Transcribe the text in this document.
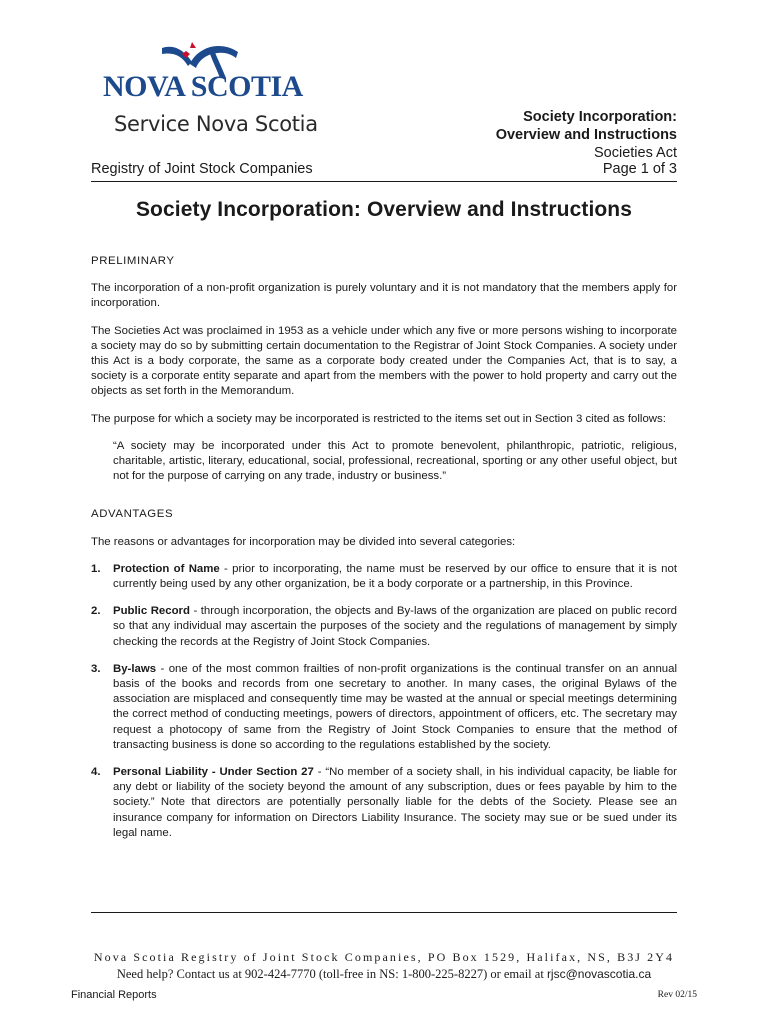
NOVA SCOTIA
Service Nova Scotia	Society Incorporation:
Overview and Instructions
Societies Act
Registry of Joint Stock Companies	Page 1 of 3
Society Incorporation: Overview and Instructions
PRELIMINARY

The incorporation of a non-profit organization is purely voluntary and it is not mandatory that the members apply for incorporation.

The Societies Act was proclaimed in 1953 as a vehicle under which any five or more persons wishing to incorporate a society may do so by submitting certain documentation to the Registrar of Joint Stock Companies. A society under this Act is a body corporate, the same as a corporate body created under the Companies Act, that is to say, a society is a corporate entity separate and apart from the members with the power to hold property and carry out the objects as set forth in the Memorandum.

The purpose for which a society may be incorporated is restricted to the items set out in Section 3 cited as follows:

“A society may be incorporated under this Act to promote benevolent, philanthropic, patriotic, religious, charitable, artistic, literary, educational, social, professional, recreational, sporting or any other useful object, but not for the purpose of carrying on any trade, industry or business.”
ADVANTAGES

The reasons or advantages for incorporation may be divided into several categories:

1. Protection of Name - prior to incorporating, the name must be reserved by our office to ensure that it is not currently being used by any other organization, be it a body corporate or a partnership, in this Province.
2. Public Record - through incorporation, the objects and By-laws of the organization are placed on public record so that any individual may ascertain the purposes of the society and the regulations of management by simply checking the records at the Registry of Joint Stock Companies.
3. By-laws - one of the most common frailties of non-profit organizations is the continual transfer on an annual basis of the books and records from one secretary to another. In many cases, the original Bylaws of the association are misplaced and consequently time may be wasted at the annual or special meetings determining the correct method of conducting meetings, powers of directors, appointment of officers, etc. The secretary may request a photocopy of same from the Registry of Joint Stock Companies to ensure that the method of transacting business is done so according to the regulations established by the society.
4. Personal Liability - Under Section 27 - “No member of a society shall, in his individual capacity, be liable for any debt or liability of the society beyond the amount of any subscription, dues or fees payable by him to the society.” Note that directors are potentially personally liable for the debts of the Society. Please see an insurance company for information on Directors Liability Insurance. The society may sue or be sued under its legal name.
Nova Scotia Registry of Joint Stock Companies, PO Box 1529, Halifax, NS, B3J 2Y4
Need help? Contact us at 902-424-7770 (toll-free in NS: 1-800-225-8227) or email at rjsc@novascotia.ca
Financial Reports	Rev 02/15
